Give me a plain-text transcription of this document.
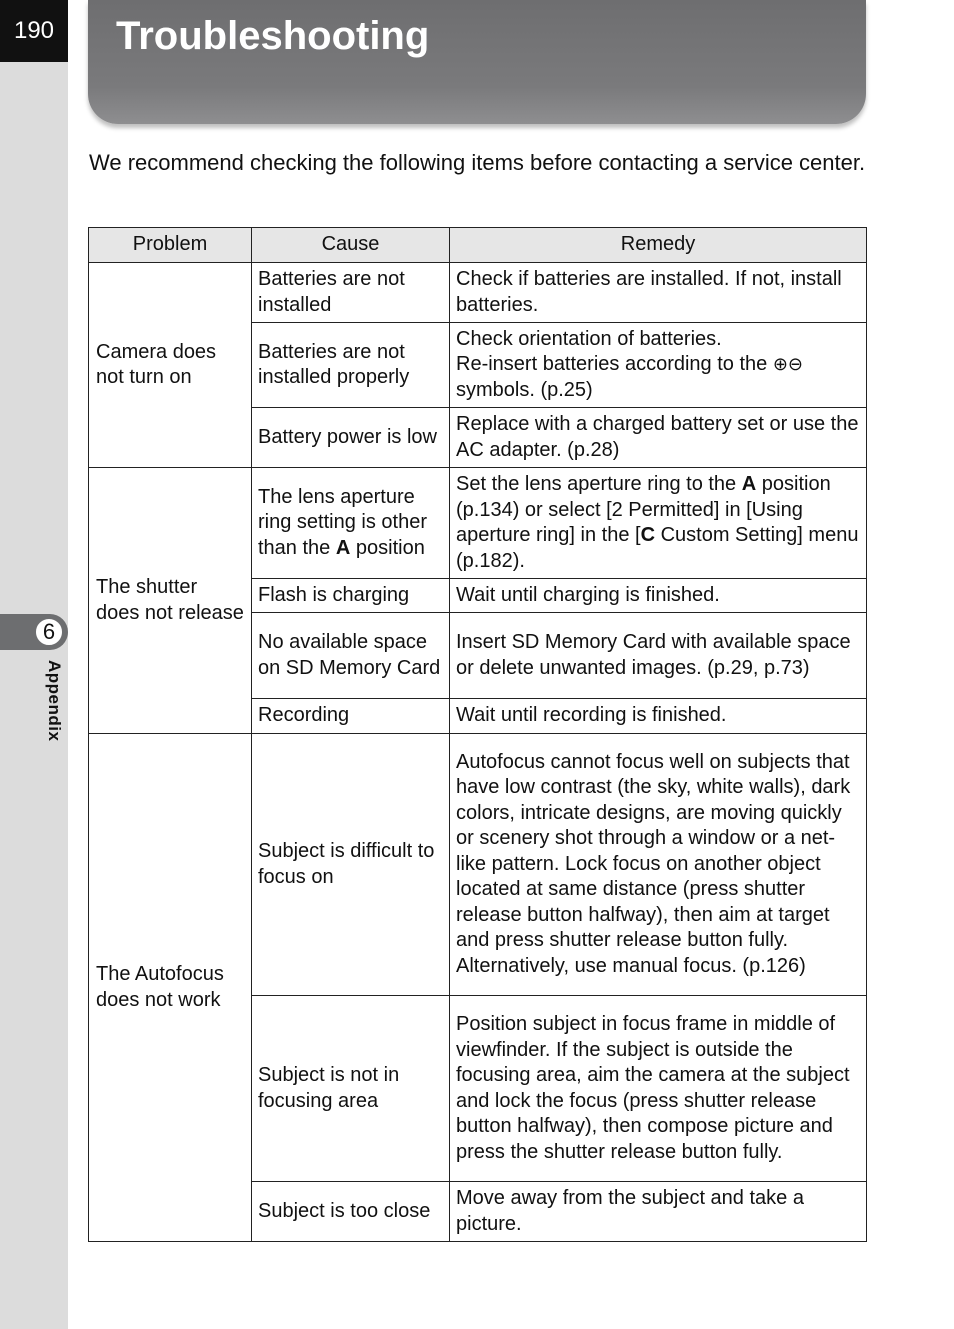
190
6
Appendix
Troubleshooting

We recommend checking the following items before contacting a service center.

Problem	Cause	Remedy
Camera does not turn on	Batteries are not installed	Check if batteries are installed. If not, install batteries.
	Batteries are not installed properly	Check orientation of batteries.
Re-insert batteries according to the ⊕⊖
symbols. (p.25)
	Battery power is low	Replace with a charged battery set or use the AC adapter. (p.28)
The shutter does not release	The lens aperture ring setting is other than the A position	Set the lens aperture ring to the A position (p.134) or select [2 Permitted] in [Using aperture ring] in the [C Custom Setting] menu (p.182).
	Flash is charging	Wait until charging is finished.
	No available space on SD Memory Card	Insert SD Memory Card with available space or delete unwanted images. (p.29, p.73)
	Recording	Wait until recording is finished.
The Autofocus does not work	Subject is difficult to focus on	Autofocus cannot focus well on subjects that have low contrast (the sky, white walls), dark colors, intricate designs, are moving quickly or scenery shot through a window or a net-like pattern. Lock focus on another object located at same distance (press shutter release button halfway), then aim at target and press shutter release button fully. Alternatively, use manual focus. (p.126)
	Subject is not in focusing area	Position subject in focus frame in middle of viewfinder. If the subject is outside the focusing area, aim the camera at the subject and lock the focus (press shutter release button halfway), then compose picture and press the shutter release button fully.
	Subject is too close	Move away from the subject and take a picture.
